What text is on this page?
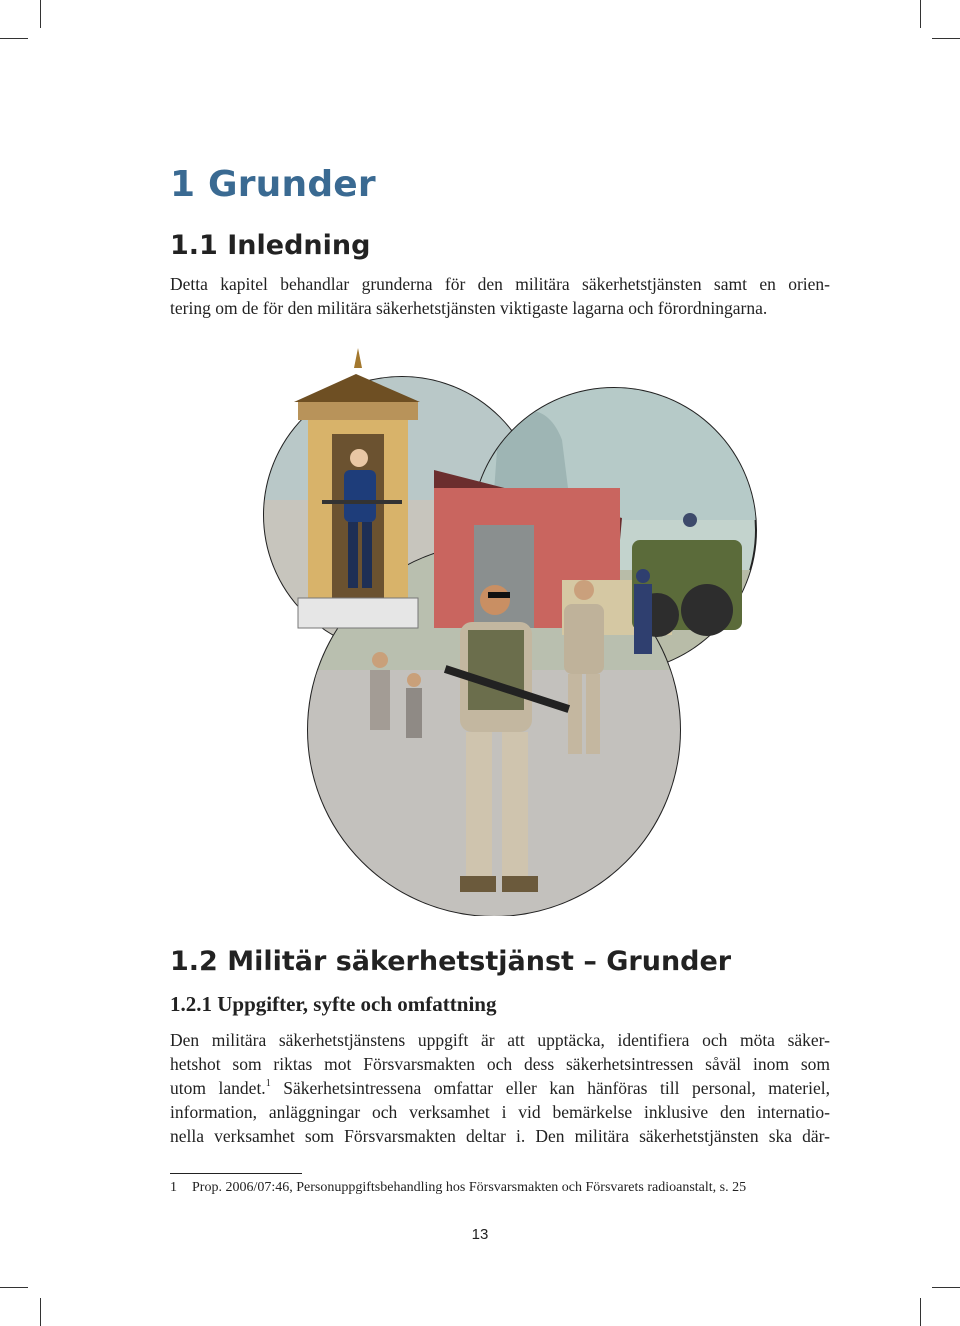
1 Grunder
1.1 Inledning

Detta kapitel behandlar grunderna för den militära säkerhetstjänsten samt en orien-
tering om de för den militära säkerhetstjänsten viktigaste lagarna och förordningarna.

1.2 Militär säkerhetstjänst – Grunder
1.2.1 Uppgifter, syfte och omfattning

Den militära säkerhetstjänstens uppgift är att upptäcka, identifiera och möta säker-
hetshot som riktas mot Försvarsmakten och dess säkerhetsintressen såväl inom som
utom landet.$^1$ Säkerhetsintressena omfattar eller kan hänföras till personal, materiel,
information, anläggningar och verksamhet i vid bemärkelse inklusive den internatio-
nella verksamhet som Försvarsmakten deltar i. Den militära säkerhetstjänsten ska där-

1 Prop. 2006/07:46, Personuppgiftsbehandling hos Försvarsmakten och Försvarets radioanstalt, s. 25
13
